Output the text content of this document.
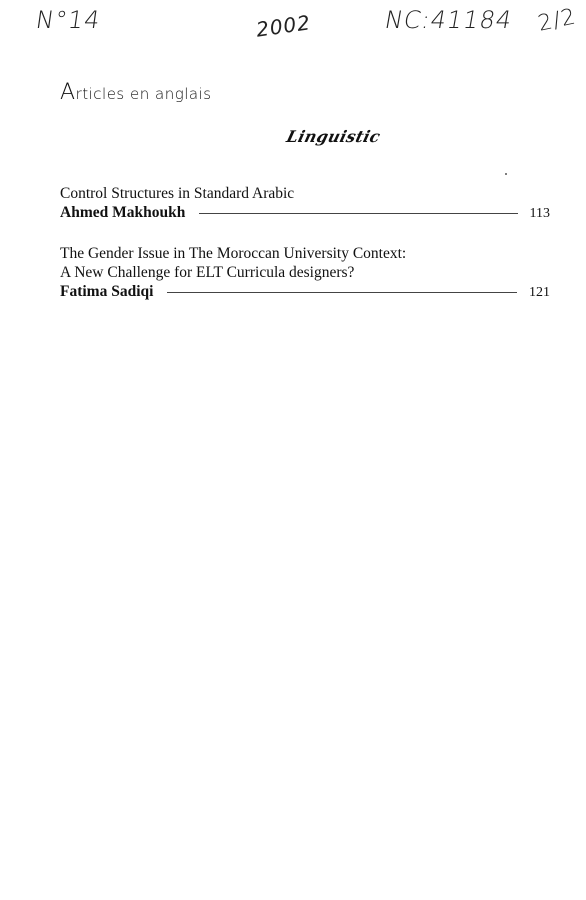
N°14	2002	NC:41184 2/2
Articles en anglais
Linguistic
Control Structures in Standard Arabic
Ahmed Makhoukh	113
The Gender Issue in The Moroccan University Context:
A New Challenge for ELT Curricula designers?
Fatima Sadiqi	121
